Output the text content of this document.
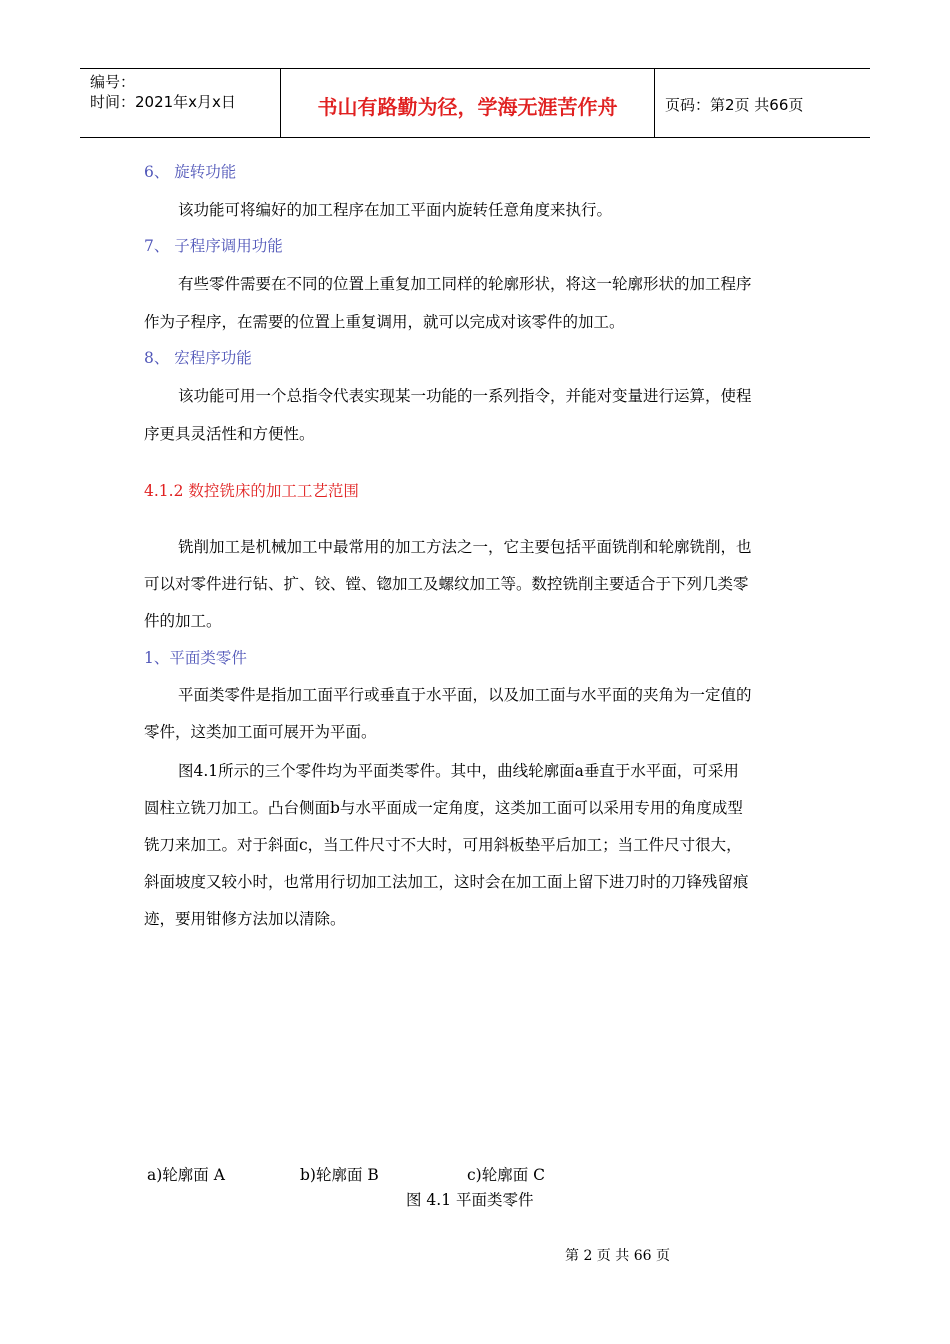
编号：
时间：2021年x月x日	书山有路勤为径，学海无涯苦作舟	页码：第2页 共66页
6、 旋转功能
该功能可将编好的加工程序在加工平面内旋转任意角度来执行。
7、 子程序调用功能
有些零件需要在不同的位置上重复加工同样的轮廓形状，将这一轮廓形状的加工程序
作为子程序，在需要的位置上重复调用，就可以完成对该零件的加工。
8、 宏程序功能
该功能可用一个总指令代表实现某一功能的一系列指令，并能对变量进行运算，使程
序更具灵活性和方便性。
4.1.2 数控铣床的加工工艺范围
铣削加工是机械加工中最常用的加工方法之一，它主要包括平面铣削和轮廓铣削，也
可以对零件进行钻、扩、铰、镗、锪加工及螺纹加工等。数控铣削主要适合于下列几类零
件的加工。
1、平面类零件
平面类零件是指加工面平行或垂直于水平面，以及加工面与水平面的夹角为一定值的
零件，这类加工面可展开为平面。
图4.1所示的三个零件均为平面类零件。其中，曲线轮廓面a垂直于水平面，可采用
圆柱立铣刀加工。凸台侧面b与水平面成一定角度，这类加工面可以采用专用的角度成型
铣刀来加工。对于斜面c，当工件尺寸不大时，可用斜板垫平后加工；当工件尺寸很大，
斜面坡度又较小时，也常用行切加工法加工，这时会在加工面上留下进刀时的刀锋残留痕
迹，要用钳修方法加以清除。
a)轮廓面 A	b)轮廓面 B	c)轮廓面 C
图 4.1 平面类零件
第 2 页 共 66 页
